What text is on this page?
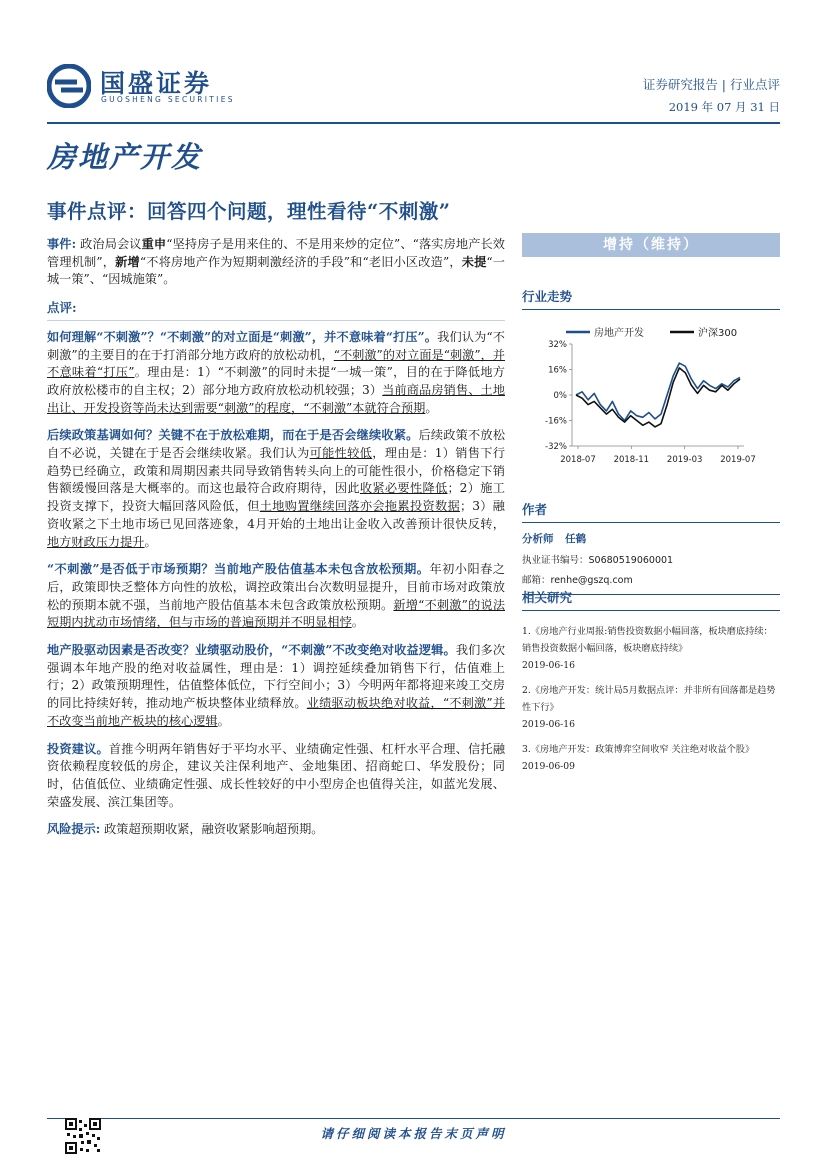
国盛证券
GUOSHENG SECURITIES
证券研究报告 | 行业点评
2019 年 07 月 31 日
房地产开发
事件点评：回答四个问题，理性看待“不刺激”

事件: 政治局会议重申“坚持房子是用来住的、不是用来炒的定位”、“落实房地产长效管理机制”，新增“不将房地产作为短期刺激经济的手段”和“老旧小区改造”，未提“一城一策”、“因城施策”。

点评:

如何理解“不刺激”？“不刺激”的对立面是“刺激”，并不意味着“打压”。我们认为“不刺激”的主要目的在于打消部分地方政府的放松动机，“不刺激”的对立面是“刺激”，并不意味着“打压”。理由是：1）“不刺激”的同时未提“一城一策”，目的在于降低地方政府放松楼市的自主权；2）部分地方政府放松动机较强；3）当前商品房销售、土地出让、开发投资等尚未达到需要“刺激”的程度，“不刺激”本就符合预期。

后续政策基调如何？关键不在于放松难期，而在于是否会继续收紧。后续政策不放松自不必说，关键在于是否会继续收紧。我们认为可能性较低，理由是：1）销售下行趋势已经确立，政策和周期因素共同导致销售转头向上的可能性很小，价格稳定下销售额缓慢回落是大概率的。而这也最符合政府期待，因此收紧必要性降低；2）施工投资支撑下，投资大幅回落风险低，但土地购置继续回落亦会拖累投资数据；3）融资收紧之下土地市场已见回落迹象，4月开始的土地出让金收入改善预计很快反转，地方财政压力提升。

“不刺激”是否低于市场预期？当前地产股估值基本未包含放松预期。年初小阳春之后，政策即快乏整体方向性的放松，调控政策出台次数明显提升，目前市场对政策放松的预期本就不强，当前地产股估值基本未包含政策放松预期。新增“不刺激”的说法短期内扰动市场情绪，但与市场的普遍预期并不明显相悖。

地产股驱动因素是否改变？业绩驱动股价，“不刺激”不改变绝对收益逻辑。我们多次强调本年地产股的绝对收益属性，理由是：1）调控延续叠加销售下行，估值难上行；2）政策预期理性，估值整体低位，下行空间小；3）今明两年都将迎来竣工交房的同比持续好转，推动地产板块整体业绩释放。业绩驱动板块绝对收益，“不刺激”并不改变当前地产板块的核心逻辑。

投资建议。首推今明两年销售好于平均水平、业绩确定性强、杠杆水平合理、信托融资依赖程度较低的房企，建议关注保利地产、金地集团、招商蛇口、华发股份；同时，估值低位、业绩确定性强、成长性较好的中小型房企也值得关注，如蓝光发展、荣盛发展、滨江集团等。

风险提示: 政策超预期收紧，融资收紧影响超预期。

增持（维持）
行业走势
房地产开发	沪深300
32%
16%
0%
-16%
-32%
2018-07 2018-11 2019-03 2019-07
作者
分析师 任鹤
执业证书编号：S0680519060001
邮箱：renhe@gszq.com
相关研究

1.《房地产行业周报:销售投资数据小幅回落，板块磨底持续：销售投资数据小幅回落，板块磨底持续》

2019-06-16

2.《房地产开发：统计局5月数据点评：并非所有回落都是趋势性下行》

2019-06-16

3.《房地产开发：政策博弈空间收窄 关注绝对收益个股》

2019-06-09

请仔细阅读本报告末页声明
